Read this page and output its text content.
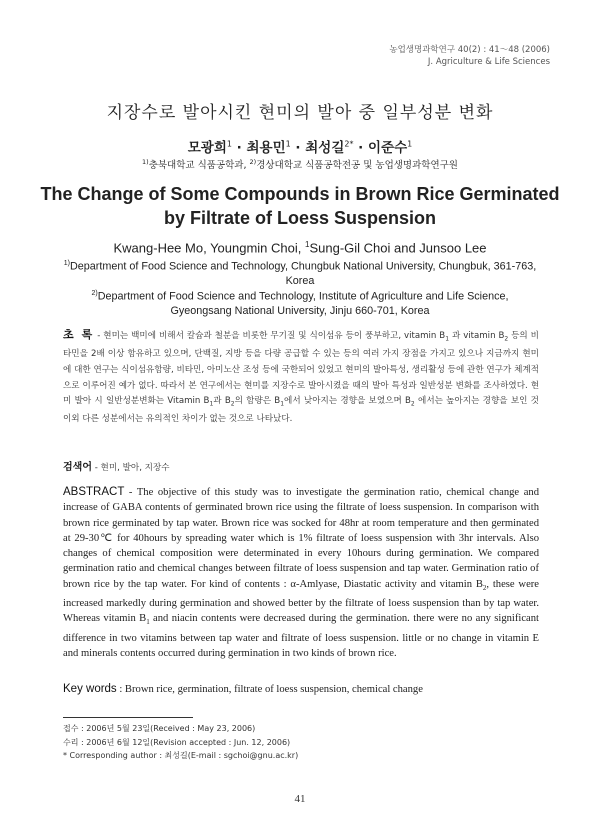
농업생명과학연구 40(2) : 41～48 (2006)
J. Agriculture & Life Sciences
지장수로 발아시킨 현미의 발아 중 일부성분 변화
모광희$^1$ · 최용민$^1$ · 최성길$^{2*}$ · 이준수$^1$
$^{1)}$충북대학교 식품공학과, $^{2)}$경상대학교 식품공학전공 및 농업생명과학연구원
The Change of Some Compounds in Brown Rice Germinated by Filtrate of Loess Suspension
Kwang-Hee Mo, Youngmin Choi, $^1$Sung-Gil Choi and Junsoo Lee
$^{1)}$Department of Food Science and Technology, Chungbuk National University, Chungbuk, 361-763, Korea
$^{2)}$Department of Food Science and Technology, Institute of Agriculture and Life Science, Gyeongsang National University, Jinju 660-701, Korea
초 록 - 현미는 백미에 비해서 칼슘과 철분을 비롯한 무기질 및 식이섬유 등이 풍부하고, vitamin $B_1$ 과 vitamin $B_2$ 등의 비타민을 2배 이상 함유하고 있으며, 단백질, 지방 등을 다량 공급할 수 있는 등의 여러 가지 장점을 가지고 있으나 지금까지 현미에 대한 연구는 식이섬유함량, 비타민, 아미노산 조성 등에 국한되어 있었고 현미의 발아특성, 생리활성 등에 관한 연구가 체계적으로 이루어진 예가 없다. 따라서 본 연구에서는 현미를 지장수로 발아시켰을 때의 발아 특성과 일반성분 변화를 조사하였다. 현미 발아 시 일반성분변화는 Vitamin $B_1$과 $B_2$의 함량은 $B_1$에서 낮아지는 경향을 보였으며 $B_2$ 에서는 높아지는 경향을 보인 것 이외 다른 성분에서는 유의적인 차이가 없는 것으로 나타났다.
검색어 - 현미, 발아, 지장수
ABSTRACT - The objective of this study was to investigate the germination ratio, chemical change and increase of GABA contents of germinated brown rice using the filtrate of loess suspension. In comparison with brown rice germinated by tap water. Brown rice was socked for 48hr at room temperature and then germinated at 29-30℃ for 40hours by spreading water which is 1% filtrate of loess suspension with 3hr intervals. Also changes of chemical composition were determinated in every 10hours during germination. We compared germination ratio and chemical changes between filtrate of loess suspension and tap water. Germination ratio of brown rice by the tap water. For kind of contents : α-Amlyase, Diastatic activity and vitamin $B_2$, these were increased markedly during germination and showed better by the filtrate of loess suspension than by tap water. Whereas vitamin $B_1$ and niacin contents were decreased during the germination. there were no any significant difference in two vitamins between tap water and filtrate of loess suspension. little or no change in vitamin E and minerals contents occurred during germination in two kinds of brown rice.
Key words : Brown rice, germination, filtrate of loess suspension, chemical change
접수 : 2006년 5월 23일(Received : May 23, 2006)
수리 : 2006년 6월 12일(Revision accepted : Jun. 12, 2006)
* Corresponding author : 최성길(E-mail : sgchoi@gnu.ac.kr)
41
